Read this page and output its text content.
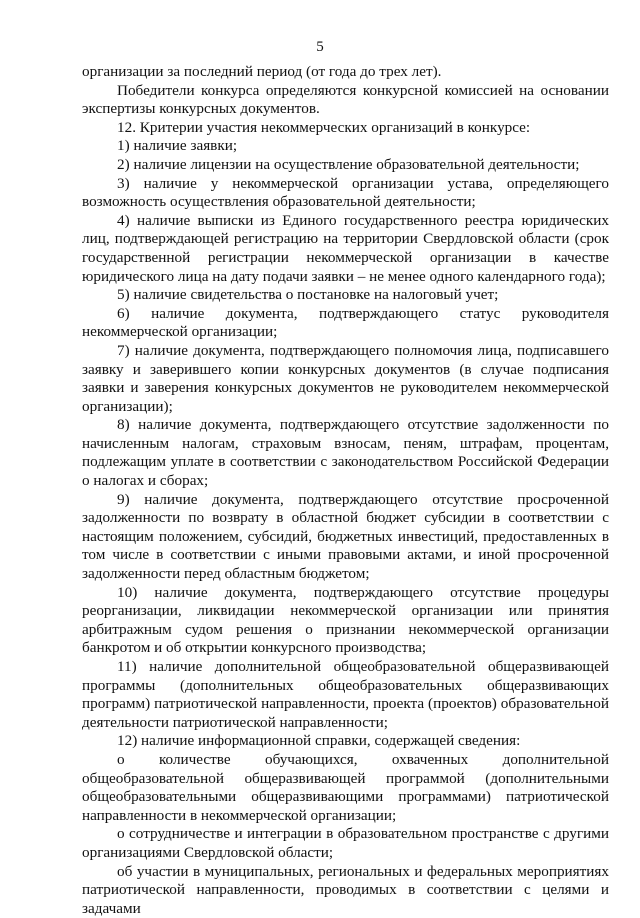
5

организации за последний период (от года до трех лет).

Победители конкурса определяются конкурсной комиссией на основании экспертизы конкурсных документов.

12. Критерии участия некоммерческих организаций в конкурсе:

1) наличие заявки;

2) наличие лицензии на осуществление образовательной деятельности;

3) наличие у некоммерческой организации устава, определяющего возможность осуществления образовательной деятельности;

4) наличие выписки из Единого государственного реестра юридических лиц, подтверждающей регистрацию на территории Свердловской области (срок государственной регистрации некоммерческой организации в качестве юридического лица на дату подачи заявки – не менее одного календарного года);

5) наличие свидетельства о постановке на налоговый учет;

6) наличие документа, подтверждающего статус руководителя некоммерческой организации;

7) наличие документа, подтверждающего полномочия лица, подписавшего заявку и заверившего копии конкурсных документов (в случае подписания заявки и заверения конкурсных документов не руководителем некоммерческой организации);

8) наличие документа, подтверждающего отсутствие задолженности по начисленным налогам, страховым взносам, пеням, штрафам, процентам, подлежащим уплате в соответствии с законодательством Российской Федерации о налогах и сборах;

9) наличие документа, подтверждающего отсутствие просроченной задолженности по возврату в областной бюджет субсидии в соответствии с настоящим положением, субсидий, бюджетных инвестиций, предоставленных в том числе в соответствии с иными правовыми актами, и иной просроченной задолженности перед областным бюджетом;

10) наличие документа, подтверждающего отсутствие процедуры реорганизации, ликвидации некоммерческой организации или принятия арбитражным судом решения о признании некоммерческой организации банкротом и об открытии конкурсного производства;

11) наличие дополнительной общеобразовательной общеразвивающей программы (дополнительных общеобразовательных общеразвивающих программ) патриотической направленности, проекта (проектов) образовательной деятельности патриотической направленности;

12) наличие информационной справки, содержащей сведения:

о количестве обучающихся, охваченных дополнительной общеобразовательной общеразвивающей программой (дополнительными общеобразовательными общеразвивающими программами) патриотической направленности в некоммерческой организации;

о сотрудничестве и интеграции в образовательном пространстве с другими организациями Свердловской области;

об участии в муниципальных, региональных и федеральных мероприятиях патриотической направленности, проводимых в соответствии с целями и задачами
